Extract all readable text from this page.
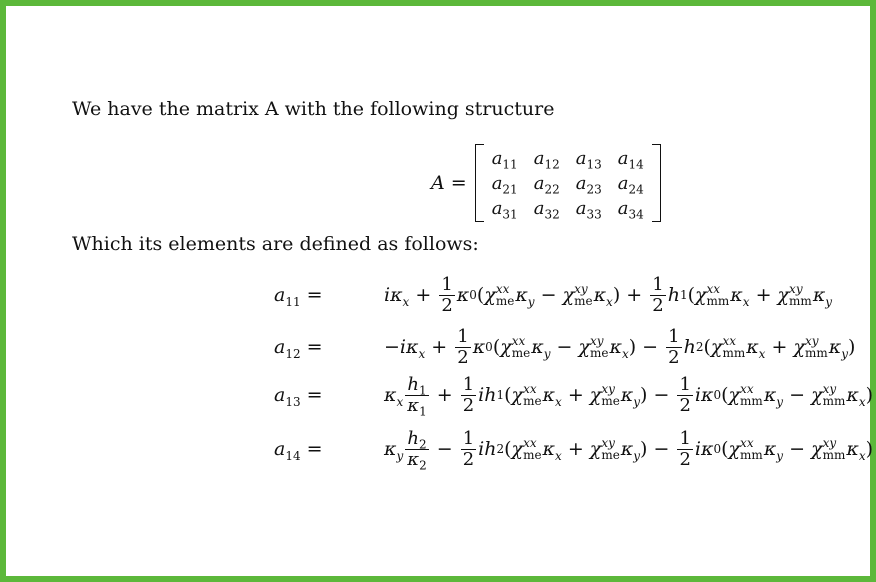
We have the matrix A with the following structure
A =
$a_{11}$	$a_{12}$	$a_{13}$	$a_{14}$
$a_{21}$	$a_{22}$	$a_{23}$	$a_{24}$
$a_{31}$	$a_{32}$	$a_{33}$	$a_{34}$
Which its elements are defined as follows:
$a_{11}$ =	$i\kappa_x + \frac{1}{2}$ κ 0 ( χ xx
me $\kappa_y - \chi$ xy
me $\kappa_x$ ) + $\frac{1}{2}$ h 1 ( χ xx
mm $\kappa_x + \chi$ xy
mm $\kappa_y$
$a_{12}$ =	− $i\kappa_x + \frac{1}{2}$ κ 0 ( χ xx
me $\kappa_y - \chi$ xy
me $\kappa_x$ ) − $\frac{1}{2}$ h 2 ( χ xx
mm $\kappa_x + \chi$ xy
mm $\kappa_y$ )
$a_{13}$ =	$\kappa_x \frac{h_1}{\kappa_1} + \frac{1}{2}$ ih 1 ( χ xx
me $\kappa_x + \chi$ xy
me $\kappa_y$ ) − $\frac{1}{2}$ iκ 0 ( χ xx
mm $\kappa_y - \chi$ xy
mm $\kappa_x$ )
$a_{14}$ =	$\kappa_y \frac{h_2}{\kappa_2} - \frac{1}{2}$ ih 2 ( χ xx
me $\kappa_x + \chi$ xy
me $\kappa_y$ ) − $\frac{1}{2}$ iκ 0 ( χ xx
mm $\kappa_y - \chi$ xy
mm $\kappa_x$ )
